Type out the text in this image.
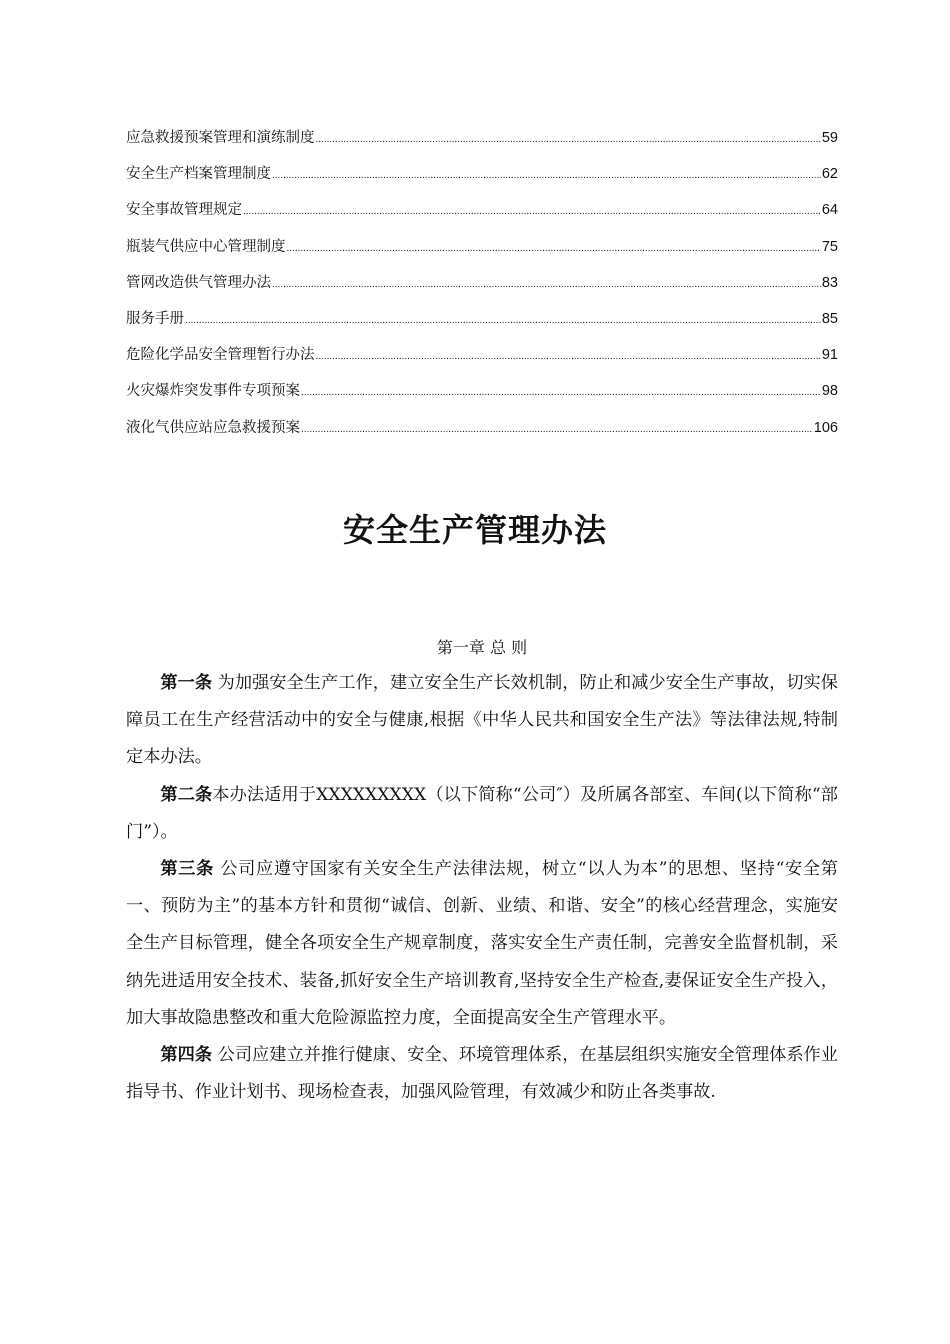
应急救援预案管理和演练制度 .....	59
安全生产档案管理制度 .....	62
安全事故管理规定 .....	64
瓶装气供应中心管理制度 .....	75
管网改造供气管理办法 .....	83
服务手册 .....	85
危险化学品安全管理暂行办法 .....	91
火灾爆炸突发事件专项预案 .....	98
液化气供应站应急救援预案 .....	106
安全生产管理办法
第一章 总 则

第一条 为加强安全生产工作，建立安全生产长效机制，防止和减少安全生产事故，切实保障员工在生产经营活动中的安全与健康,根据《中华人民共和国安全生产法》等法律法规,特制定本办法。

第二条本办法适用于XXXXXXXXX（以下简称“公司″）及所属各部室、车间(以下简称“部门”）。

第三条 公司应遵守国家有关安全生产法律法规，树立“以人为本”的思想、坚持“安全第一、预防为主”的基本方针和贯彻“诚信、创新、业绩、和谐、安全”的核心经营理念，实施安全生产目标管理，健全各项安全生产规章制度，落实安全生产责任制，完善安全监督机制，采纳先进适用安全技术、装备,抓好安全生产培训教育,坚持安全生产检查,妻保证安全生产投入，加大事故隐患整改和重大危险源监控力度，全面提高安全生产管理水平。

第四条 公司应建立并推行健康、安全、环境管理体系，在基层组织实施安全管理体系作业指导书、作业计划书、现场检查表，加强风险管理，有效减少和防止各类事故.
